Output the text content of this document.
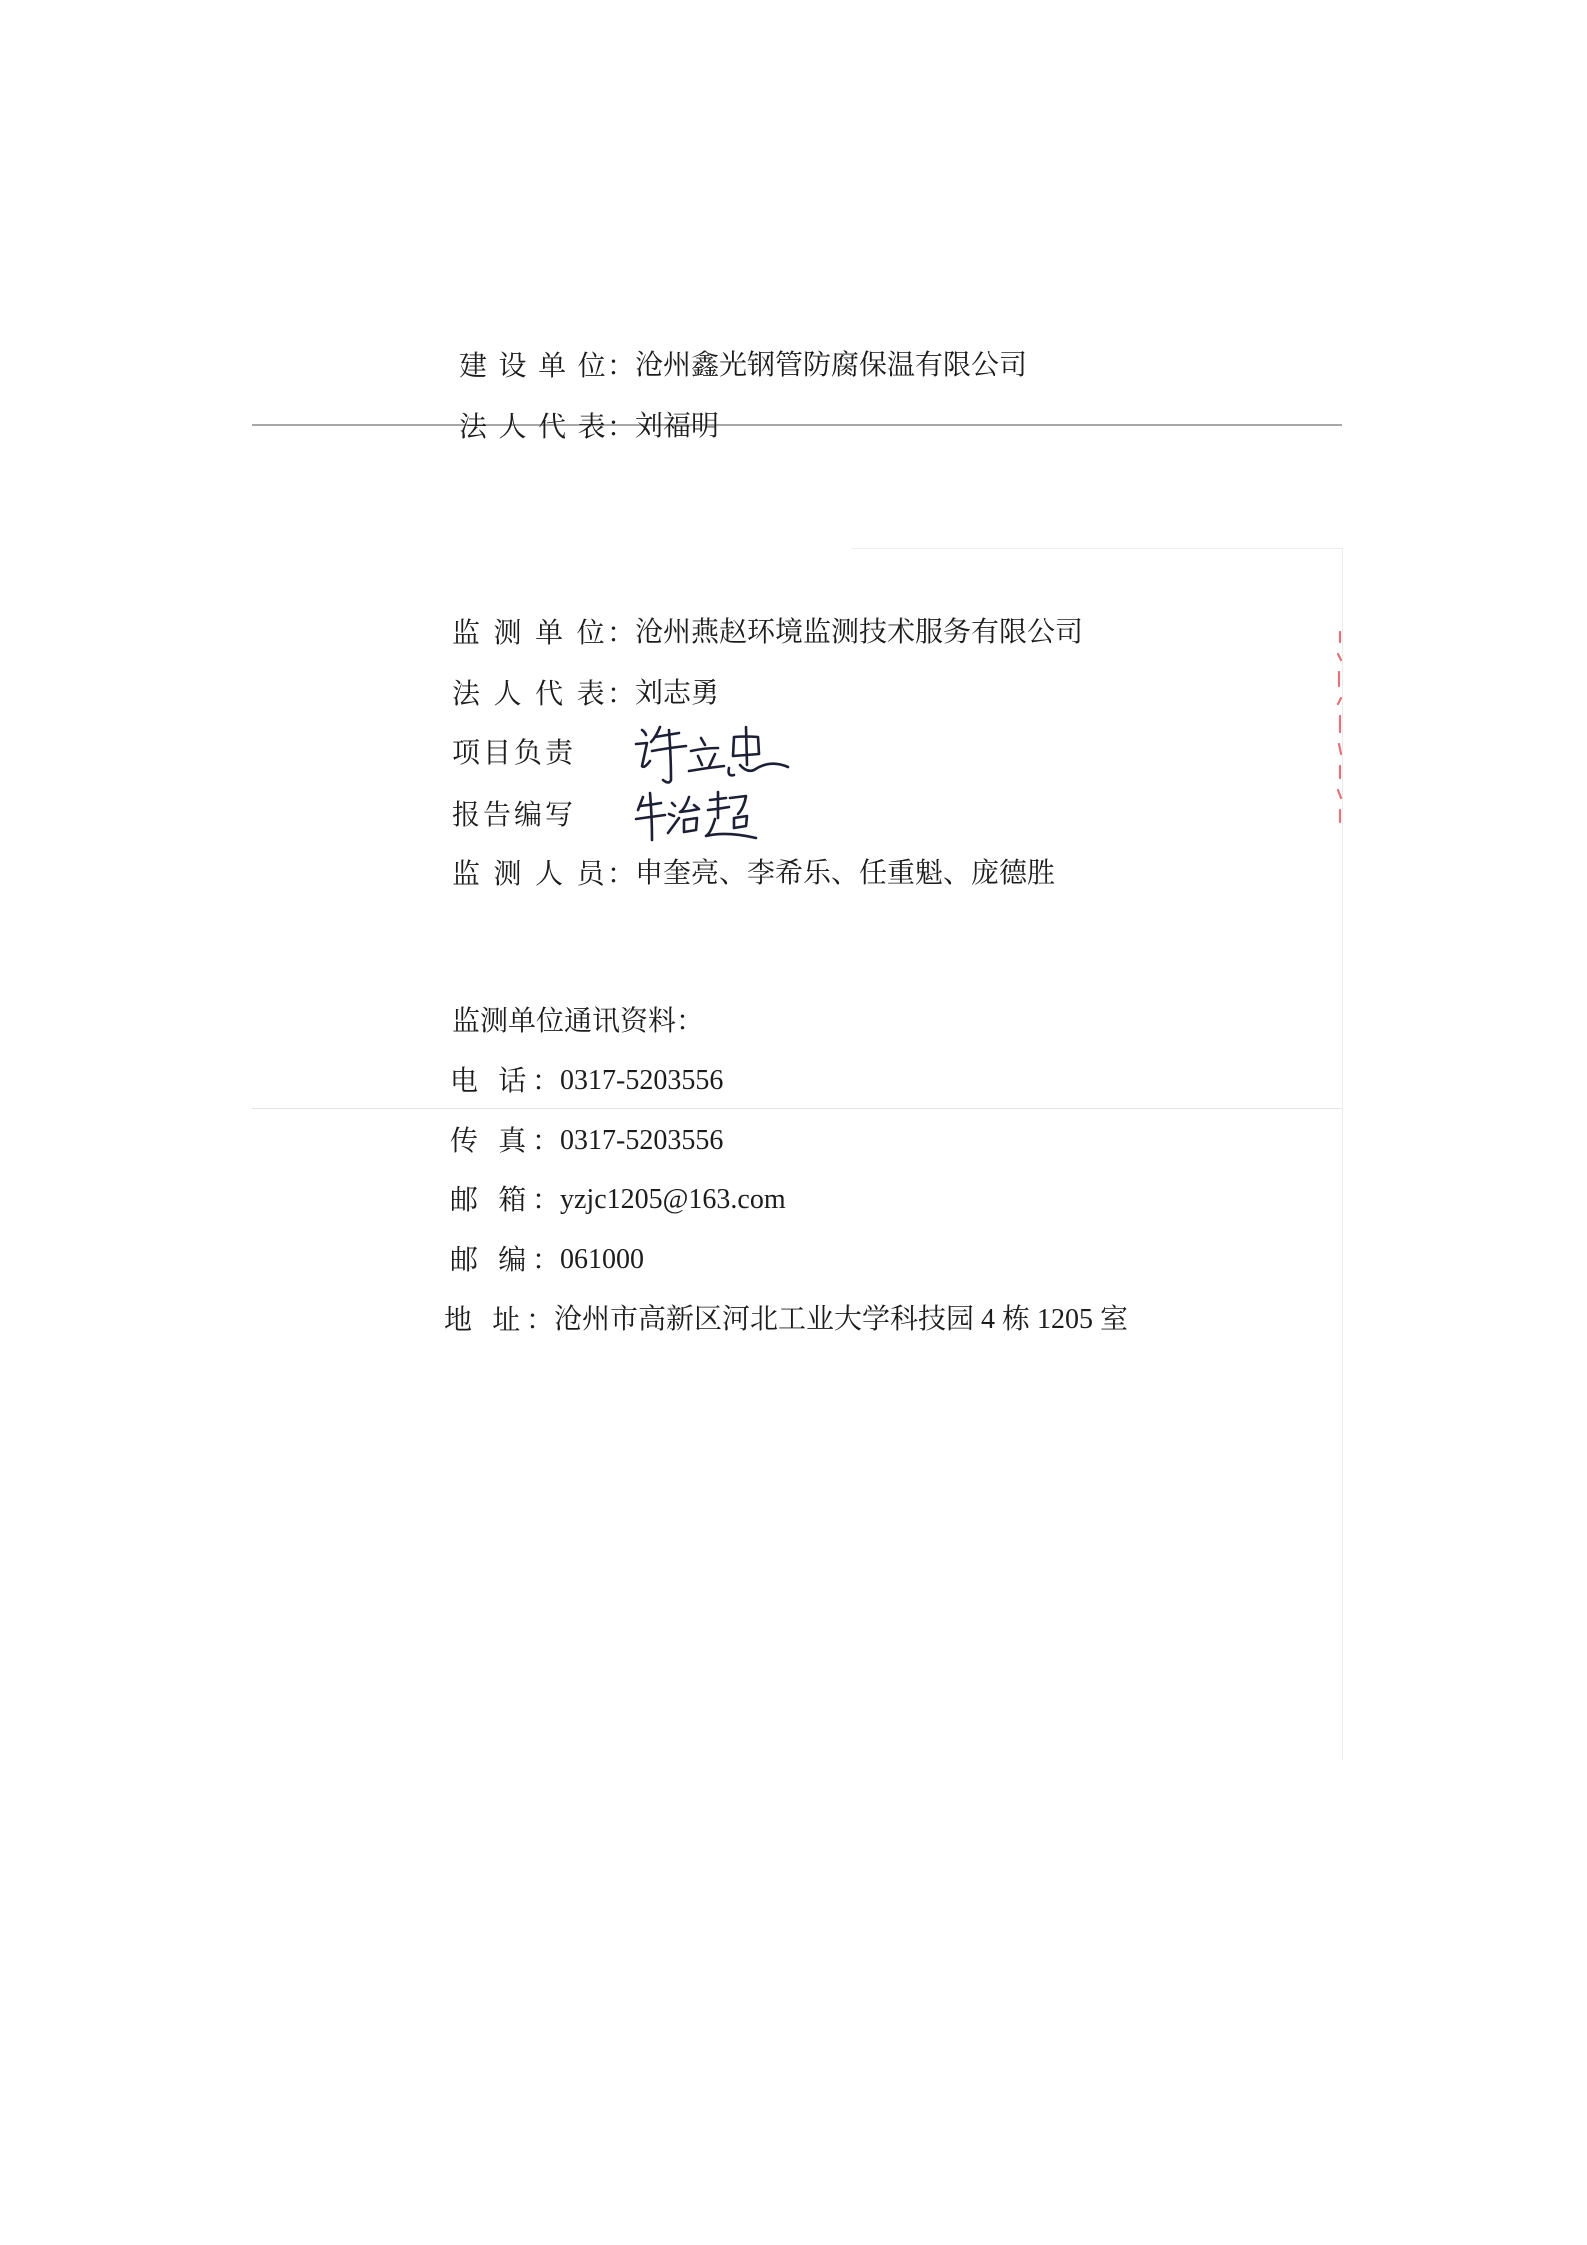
建 设 单 位：沧州鑫光钢管防腐保温有限公司
法 人 代 表：刘福明
监 测 单 位：沧州燕赵环境监测技术服务有限公司
法 人 代 表：刘志勇
项目负责
报告编写
监 测 人 员：申奎亮、李希乐、任重魁、庞德胜
监测单位通讯资料：
电 话：0317-5203556
传 真：0317-5203556
邮 箱：yzjc1205@163.com
邮 编：061000
地 址：沧州市高新区河北工业大学科技园 4 栋 1205 室
